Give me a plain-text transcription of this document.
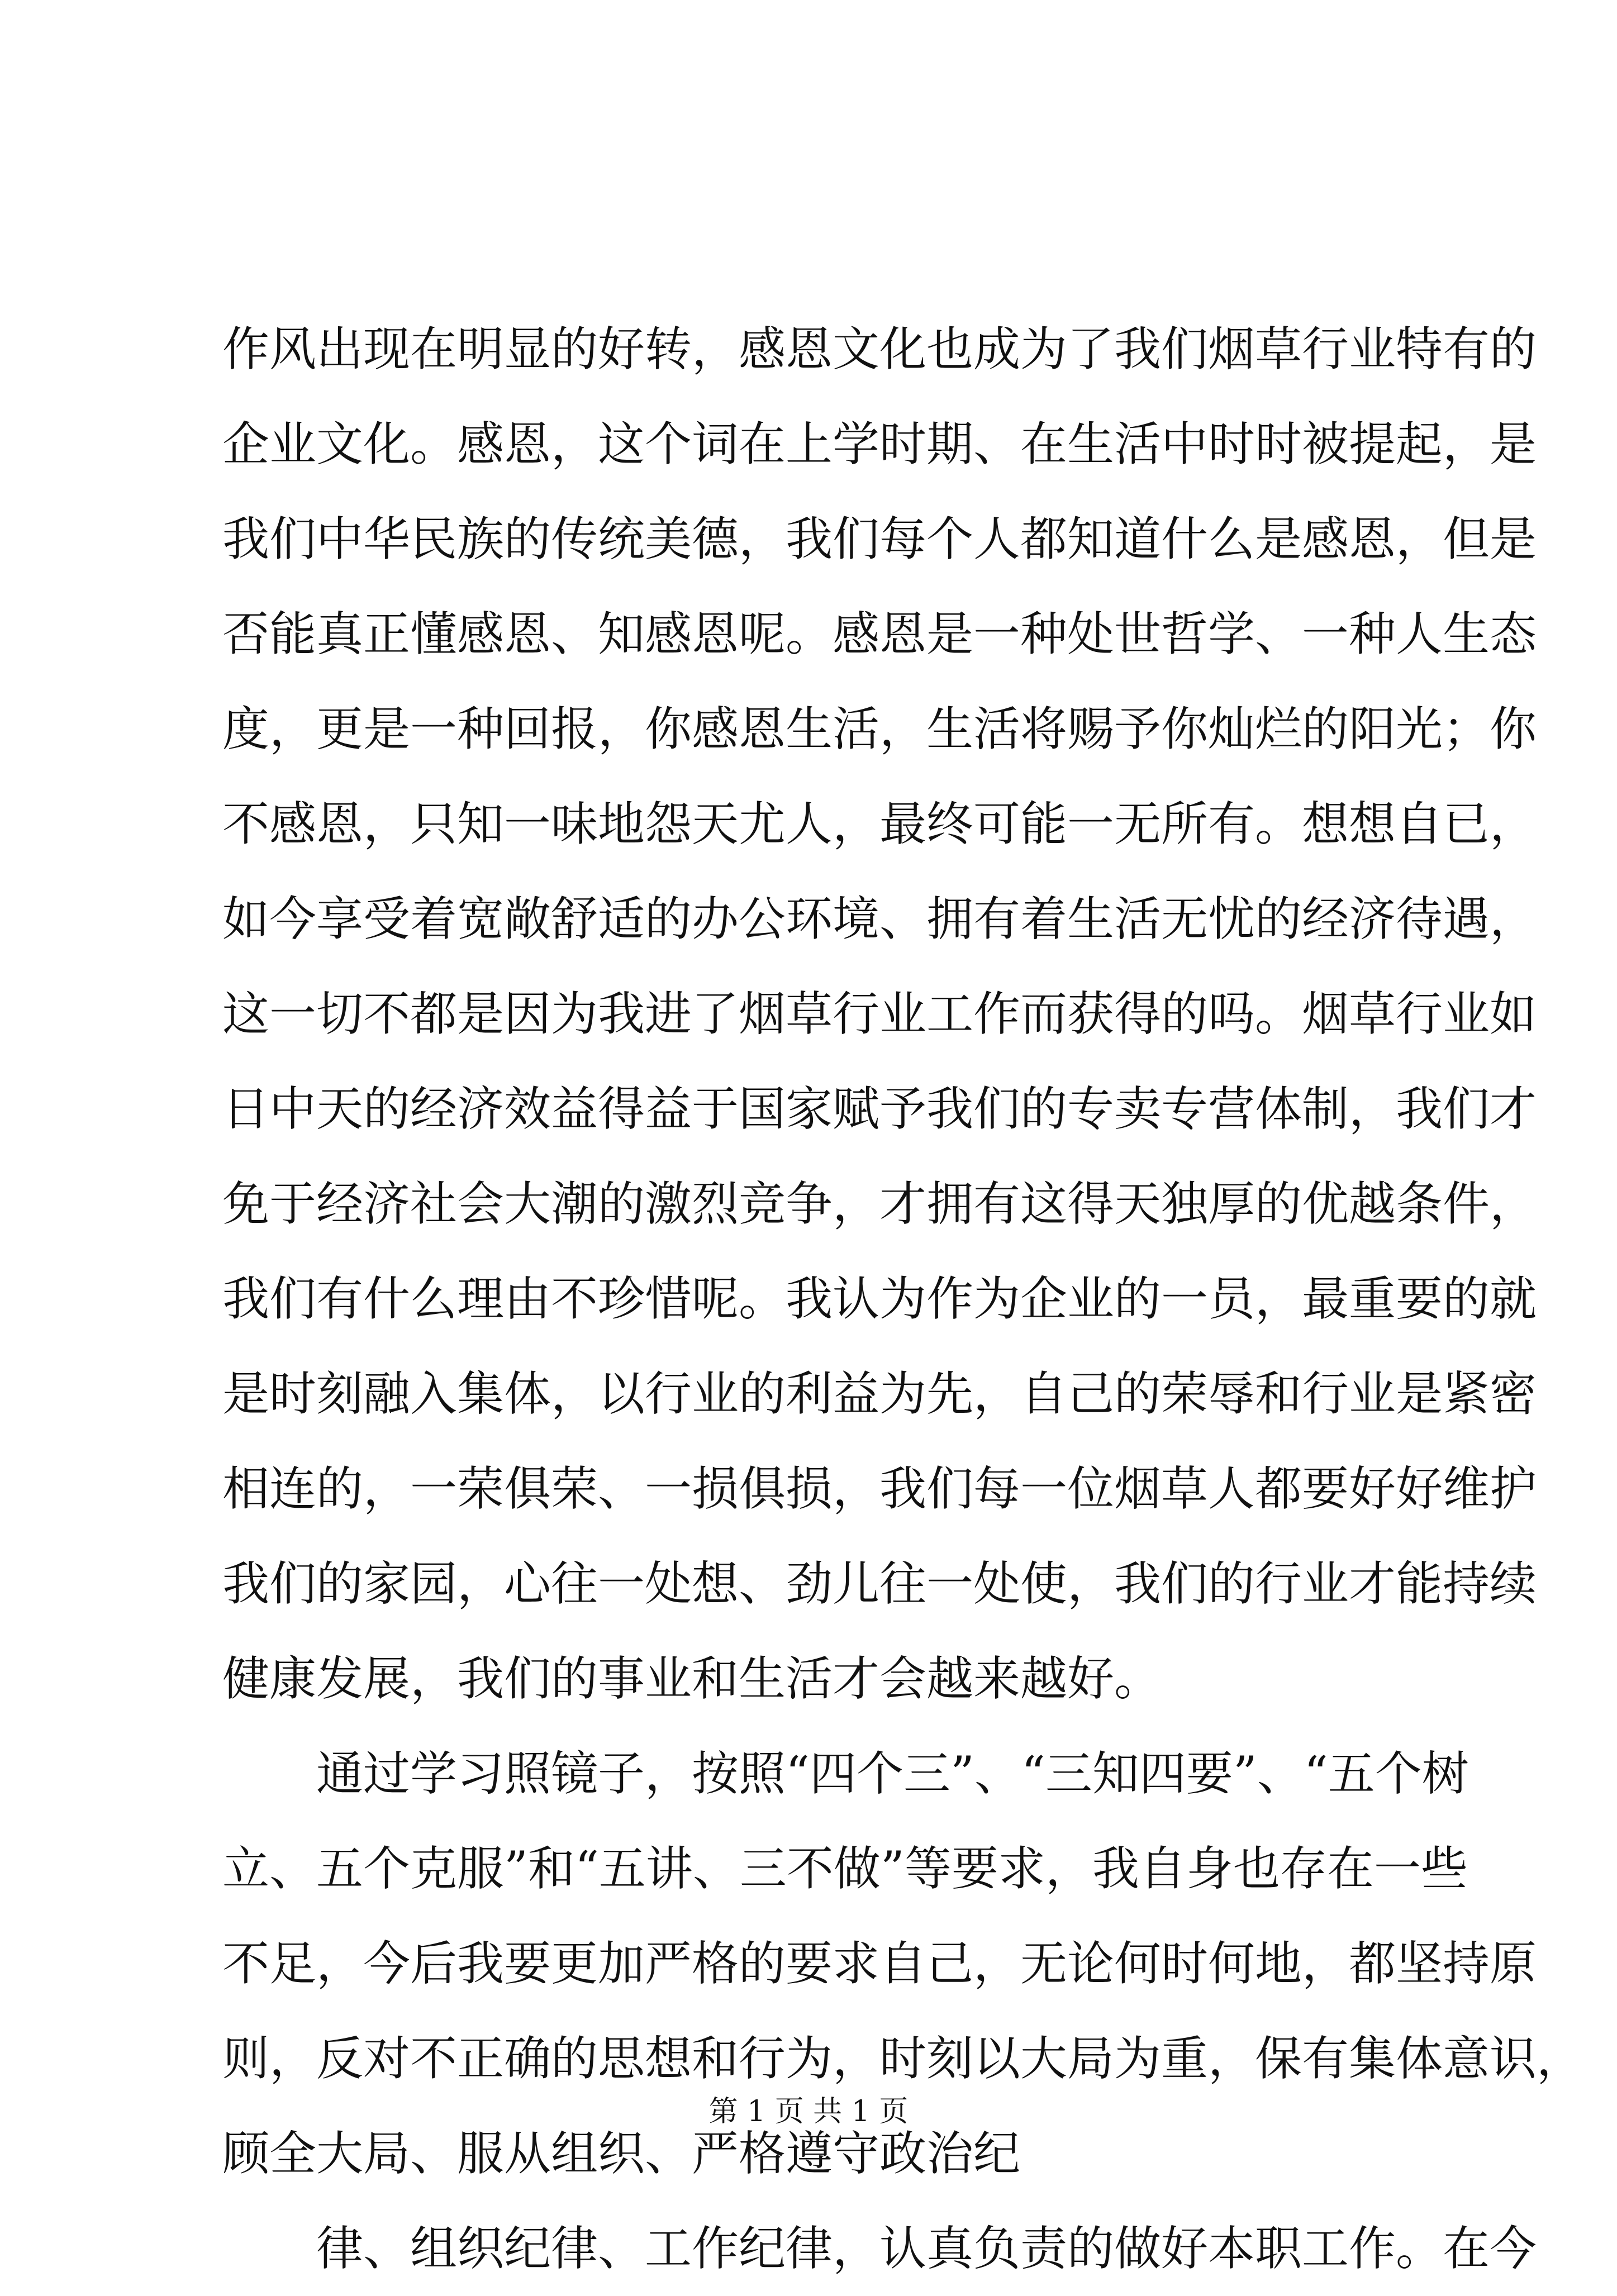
作风出现在明显的好转，感恩文化也成为了我们烟草行业特有的
企业文化。感恩，这个词在上学时期、在生活中时时被提起，是
我们中华民族的传统美德，我们每个人都知道什么是感恩，但是
否能真正懂感恩、知感恩呢。感恩是一种处世哲学、一种人生态
度，更是一种回报，你感恩生活，生活将赐予你灿烂的阳光；你
不感恩，只知一味地怨天尤人，最终可能一无所有。想想自已，
如今享受着宽敞舒适的办公环境、拥有着生活无忧的经济待遇，
这一切不都是因为我进了烟草行业工作而获得的吗。烟草行业如
日中天的经济效益得益于国家赋予我们的专卖专营体制，我们才
免于经济社会大潮的激烈竞争，才拥有这得天独厚的优越条件，
我们有什么理由不珍惜呢。我认为作为企业的一员，最重要的就
是时刻融入集体，以行业的利益为先，自己的荣辱和行业是紧密
相连的，一荣俱荣、一损俱损，我们每一位烟草人都要好好维护
我们的家园，心往一处想、劲儿往一处使，我们的行业才能持续
健康发展，我们的事业和生活才会越来越好。
通过学习照镜子，按照“四个三”、“三知四要”、“五个树
立、五个克服”和“五讲、三不做”等要求，我自身也存在一些
不足，今后我要更加严格的要求自己，无论何时何地，都坚持原
则，反对不正确的思想和行为，时刻以大局为重，保有集体意识，
顾全大局、服从组织、严格遵守政治纪
律、组织纪律、工作纪律，认真负责的做好本职工作。在今
第 1 页 共 1 页
